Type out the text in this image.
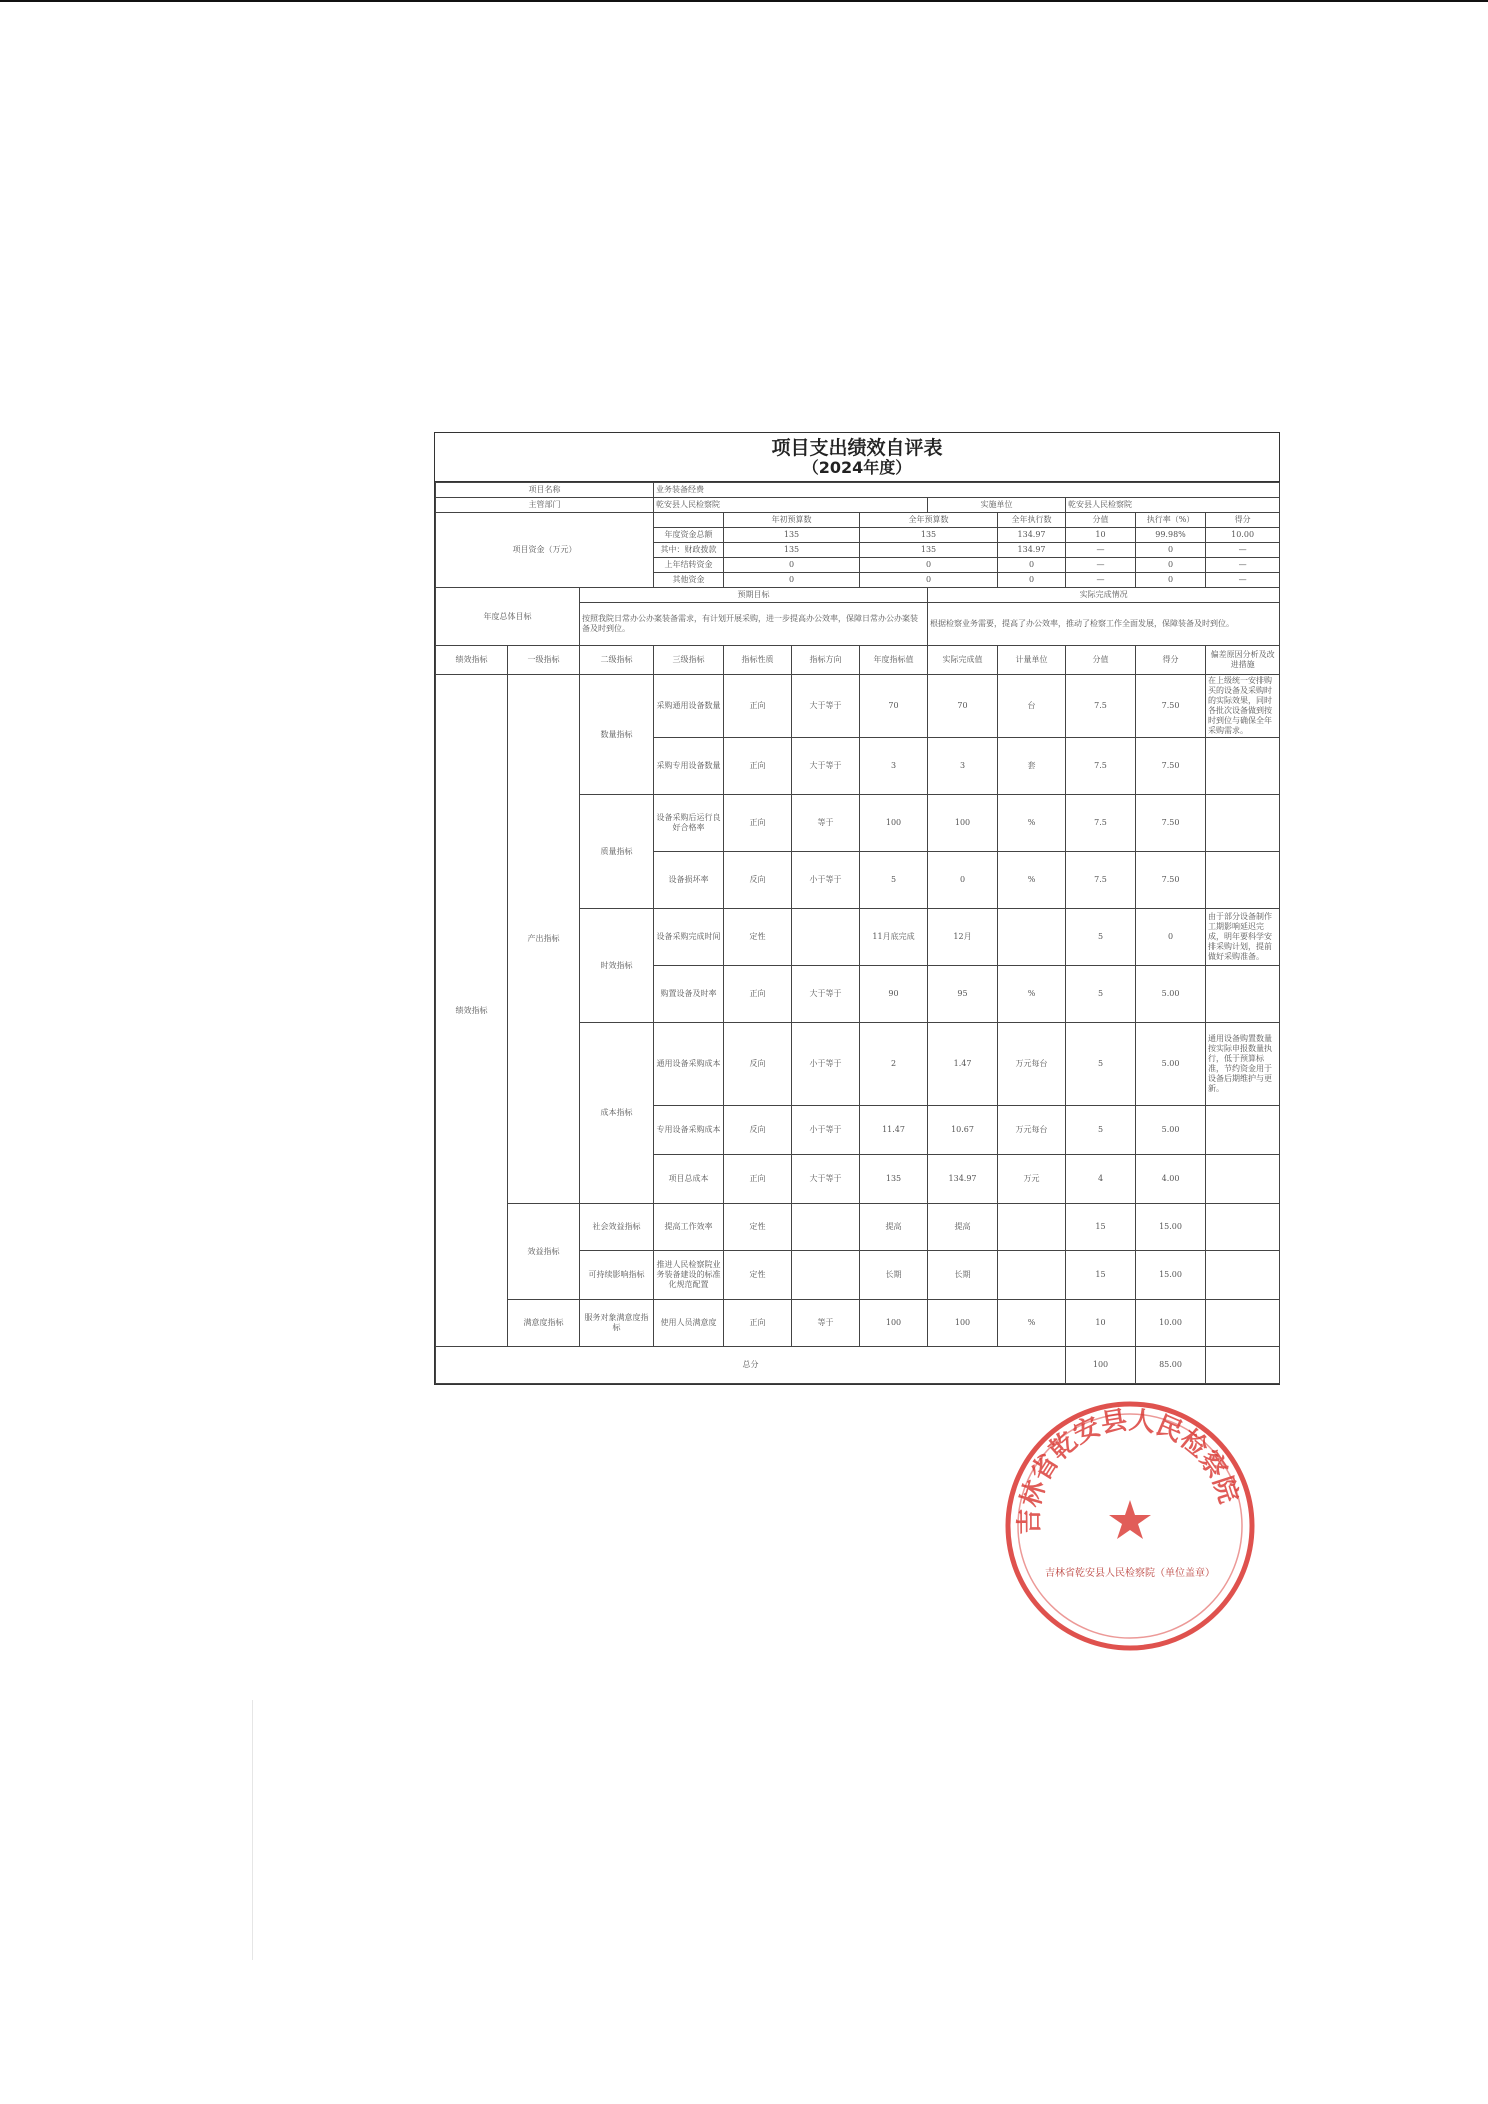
项目支出绩效自评表
（2024年度）
项目名称			业务装备经费								
主管部门			乾安县人民检察院				实施单位		乾安县人民检察院		
项目资金（万元）				年初预算数		全年预算数		全年执行数	分值	执行率（%）	得分
			年度资金总额	135		135		134.97	10	99.98%	10.00
			其中：财政拨款	135		135		134.97	—	0	—
			上年结转资金	0		0		0	—	0	—
			其他资金	0		0		0	—	0	—
年度总体目标		预期目标					实际完成情况				
		按照我院日常办公办案装备需求，有计划开展采购，进一步提高办公效率，保障日常办公办案装备及时到位。					根据检察业务需要，提高了办公效率，推动了检察工作全面发展，保障装备及时到位。				
绩效指标	一级指标	二级指标	三级指标	指标性质	指标方向	年度指标值	实际完成值	计量单位	分值	得分	偏差原因分析及改进措施
绩效指标	产出指标	数量指标	采购通用设备数量	正向	大于等于	70	70	台	7.5	7.50	在上级统一安排购买的设备及采购时的实际效果，同时各批次设备做到按时到位与确保全年采购需求。
			采购专用设备数量	正向	大于等于	3	3	套	7.5	7.50	
		质量指标	设备采购后运行良好合格率	正向	等于	100	100	%	7.5	7.50	
			设备损坏率	反向	小于等于	5	0	%	7.5	7.50	
		时效指标	设备采购完成时间	定性		11月底完成	12月		5	0	由于部分设备制作工期影响延迟完成，明年要科学安排采购计划，提前做好采购准备。
			购置设备及时率	正向	大于等于	90	95	%	5	5.00	
		成本指标	通用设备采购成本	反向	小于等于	2	1.47	万元每台	5	5.00	通用设备购置数量按实际申报数量执行，低于预算标准，节约资金用于设备后期维护与更新。
			专用设备采购成本	反向	小于等于	11.47	10.67	万元每台	5	5.00	
			项目总成本	正向	大于等于	135	134.97	万元	4	4.00	
	效益指标	社会效益指标	提高工作效率	定性		提高	提高		15	15.00	
		可持续影响指标	推进人民检察院业务装备建设的标准化规范配置	定性		长期	长期		15	15.00	
	满意度指标	服务对象满意度指标	使用人员满意度	正向	等于	100	100	%	10	10.00	
总分									100	85.00	
吉林省乾安县人民检察院
吉林省乾安县人民检察院（单位盖章）
